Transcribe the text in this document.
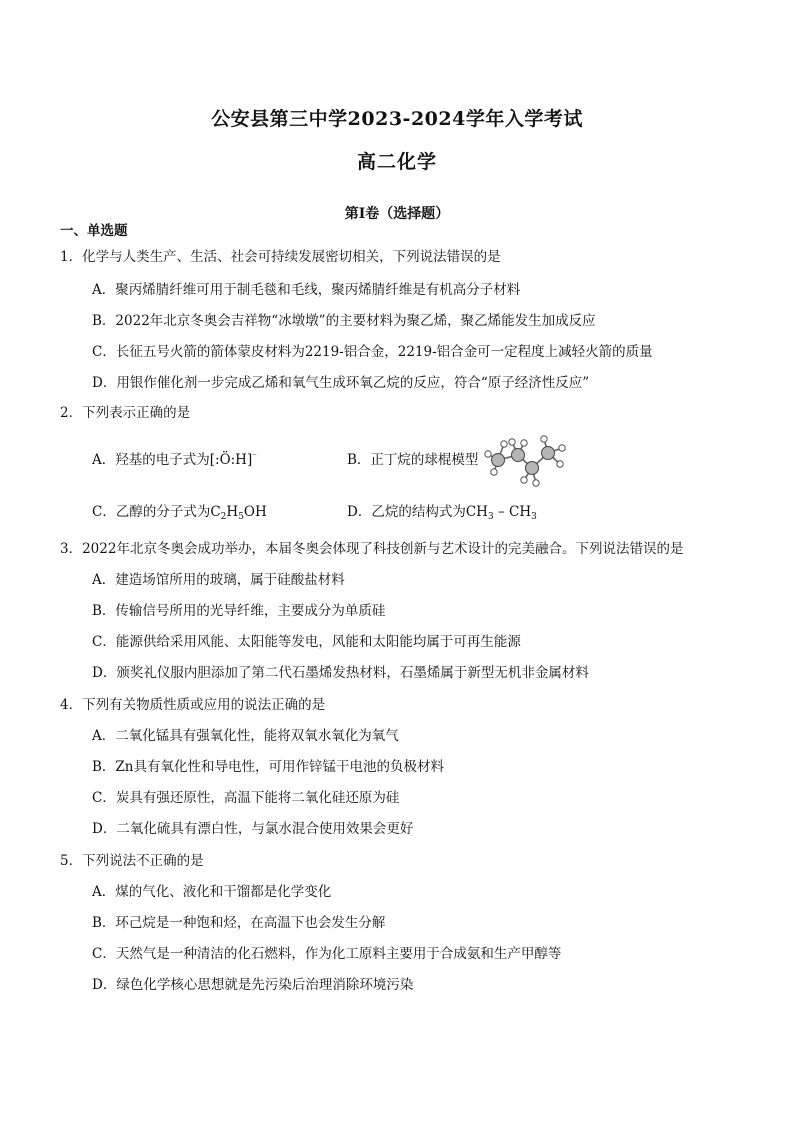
公安县第三中学2023-2024学年入学考试
高二化学
第Ⅰ卷（选择题）
一、单选题
1．化学与人类生产、生活、社会可持续发展密切相关，下列说法错误的是
A．聚丙烯腈纤维可用于制毛毯和毛线，聚丙烯腈纤维是有机高分子材料
B．2022年北京冬奥会吉祥物“冰墩墩”的主要材料为聚乙烯，聚乙烯能发生加成反应
C．长征五号火箭的箭体蒙皮材料为2219-铝合金，2219-铝合金可一定程度上减轻火箭的质量
D．用银作催化剂一步完成乙烯和氧气生成环氧乙烷的反应，符合“原子经济性反应”
2．下列表示正确的是
A．羟基的电子式为[:Ö:H]⁻	B．正丁烷的球棍模型
C．乙醇的分子式为$C_2H_5OH$	D．乙烷的结构式为$CH_3 - CH_3$
3．2022年北京冬奥会成功举办，本届冬奥会体现了科技创新与艺术设计的完美融合。下列说法错误的是
A．建造场馆所用的玻璃，属于硅酸盐材料
B．传输信号所用的光导纤维，主要成分为单质硅
C．能源供给采用风能、太阳能等发电，风能和太阳能均属于可再生能源
D．颁奖礼仪服内胆添加了第二代石墨烯发热材料，石墨烯属于新型无机非金属材料
4．下列有关物质性质或应用的说法正确的是
A．二氧化锰具有强氧化性，能将双氧水氧化为氧气
B．Zn具有氧化性和导电性，可用作锌锰干电池的负极材料
C．炭具有强还原性，高温下能将二氧化硅还原为硅
D．二氧化硫具有漂白性，与氯水混合使用效果会更好
5．下列说法不正确的是
A．煤的气化、液化和干馏都是化学变化
B．环己烷是一种饱和烃，在高温下也会发生分解
C．天然气是一种清洁的化石燃料，作为化工原料主要用于合成氨和生产甲醇等
D．绿色化学核心思想就是先污染后治理消除环境污染
